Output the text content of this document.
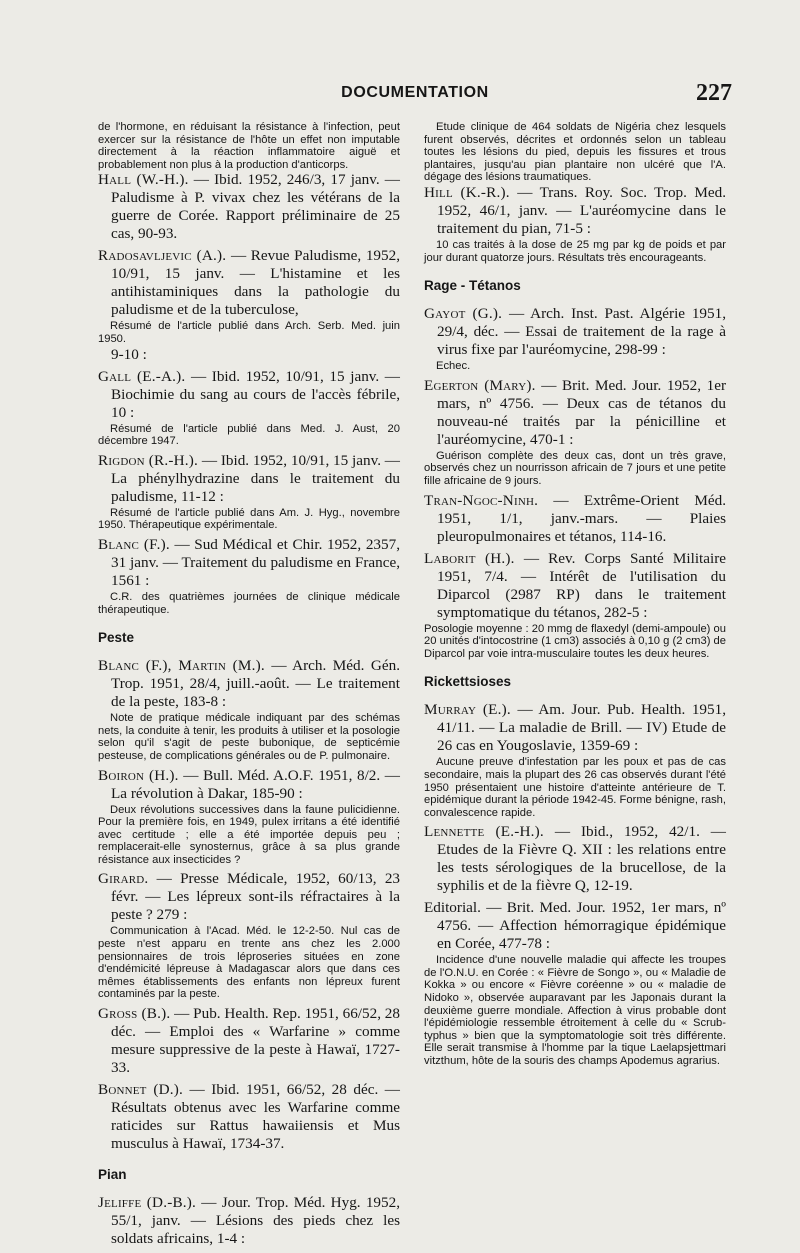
DOCUMENTATION	227
de l'hormone, en réduisant la résistance à l'infection, peut exercer sur la résistance de l'hôte un effet non imputable directement à la réaction inflammatoire aiguë et probablement non plus à la production d'anticorps.
Hall (W.-H.). — Ibid. 1952, 246/3, 17 janv. — Paludisme à P. vivax chez les vétérans de la guerre de Corée. Rapport préliminaire de 25 cas, 90-93.
Radosavljevic (A.). — Revue Paludisme, 1952, 10/91, 15 janv. — L'histamine et les antihistaminiques dans la pathologie du paludisme et de la tuberculose,
Résumé de l'article publié dans Arch. Serb. Med. juin 1950.
9-10 :
Gall (E.-A.). — Ibid. 1952, 10/91, 15 janv. — Biochimie du sang au cours de l'accès fébrile, 10 :
Résumé de l'article publié dans Med. J. Aust, 20 décembre 1947.
Rigdon (R.-H.). — Ibid. 1952, 10/91, 15 janv. — La phénylhydrazine dans le traitement du paludisme, 11-12 :
Résumé de l'article publié dans Am. J. Hyg., novembre 1950. Thérapeutique expérimentale.
Blanc (F.). — Sud Médical et Chir. 1952, 2357, 31 janv. — Traitement du paludisme en France, 1561 :
C.R. des quatrièmes journées de clinique médicale thérapeutique.
Peste
Blanc (F.), Martin (M.). — Arch. Méd. Gén. Trop. 1951, 28/4, juill.-août. — Le traitement de la peste, 183-8 :
Note de pratique médicale indiquant par des schémas nets, la conduite à tenir, les produits à utiliser et la posologie selon qu'il s'agit de peste bubonique, de septicémie pesteuse, de complications générales ou de P. pulmonaire.
Boiron (H.). — Bull. Méd. A.O.F. 1951, 8/2. — La révolution à Dakar, 185-90 :
Deux révolutions successives dans la faune pulicidienne. Pour la première fois, en 1949, pulex irritans a été identifié avec certitude ; elle a été importée depuis peu ; remplacerait-elle synosternus, grâce à sa plus grande résistance aux insecticides ?
Girard. — Presse Médicale, 1952, 60/13, 23 févr. — Les lépreux sont-ils réfractaires à la peste ? 279 :
Communication à l'Acad. Méd. le 12-2-50. Nul cas de peste n'est apparu en trente ans chez les 2.000 pensionnaires de trois léproseries situées en zone d'endémicité lépreuse à Madagascar alors que dans ces mêmes établissements des enfants non lépreux furent contaminés par la peste.
Gross (B.). — Pub. Health. Rep. 1951, 66/52, 28 déc. — Emploi des « Warfarine » comme mesure suppressive de la peste à Hawaï, 1727-33.
Bonnet (D.). — Ibid. 1951, 66/52, 28 déc. — Résultats obtenus avec les Warfarine comme raticides sur Rattus hawaiiensis et Mus musculus à Hawaï, 1734-37.
Pian
Jeliffe (D.-B.). — Jour. Trop. Méd. Hyg. 1952, 55/1, janv. — Lésions des pieds chez les soldats africains, 1-4 :
Etude clinique de 464 soldats de Nigéria chez lesquels furent observés, décrites et ordonnés selon un tableau toutes les lésions du pied, depuis les fissures et trous plantaires, jusqu'au pian plantaire non ulcéré que l'A. dégage des lésions traumatiques.
Hill (K.-R.). — Trans. Roy. Soc. Trop. Med. 1952, 46/1, janv. — L'auréomycine dans le traitement du pian, 71-5 :
10 cas traités à la dose de 25 mg par kg de poids et par jour durant quatorze jours. Résultats très encourageants.
Rage - Tétanos
Gayot (G.). — Arch. Inst. Past. Algérie 1951, 29/4, déc. — Essai de traitement de la rage à virus fixe par l'auréomycine, 298-99 :
Echec.
Egerton (Mary). — Brit. Med. Jour. 1952, 1er mars, nº 4756. — Deux cas de tétanos du nouveau-né traités par la pénicilline et l'auréomycine, 470-1 :
Guérison complète des deux cas, dont un très grave, observés chez un nourrisson africain de 7 jours et une petite fille africaine de 9 jours.
Tran-Ngoc-Ninh. — Extrême-Orient Méd. 1951, 1/1, janv.-mars. — Plaies pleuropulmonaires et tétanos, 114-16.
Laborit (H.). — Rev. Corps Santé Militaire 1951, 7/4. — Intérêt de l'utilisation du Diparcol (2987 RP) dans le traitement symptomatique du tétanos, 282-5 :
Posologie moyenne : 20 mmg de flaxedyl (demi-ampoule) ou 20 unités d'intocostrine (1 cm3) associés à 0,10 g (2 cm3) de Diparcol par voie intra-musculaire toutes les deux heures.
Rickettsioses
Murray (E.). — Am. Jour. Pub. Health. 1951, 41/11. — La maladie de Brill. — IV) Etude de 26 cas en Yougoslavie, 1359-69 :
Aucune preuve d'infestation par les poux et pas de cas secondaire, mais la plupart des 26 cas observés durant l'été 1950 présentaient une histoire d'atteinte antérieure de T. epidémique durant la période 1942-45. Forme bénigne, rash, convalescence rapide.
Lennette (E.-H.). — Ibid., 1952, 42/1. — Etudes de la Fièvre Q. XII : les relations entre les tests sérologiques de la brucellose, de la syphilis et de la fièvre Q, 12-19.
Editorial. — Brit. Med. Jour. 1952, 1er mars, nº 4756. — Affection hémorragique épidémique en Corée, 477-78 :
Incidence d'une nouvelle maladie qui affecte les troupes de l'O.N.U. en Corée : « Fièvre de Songo », ou « Maladie de Kokka » ou encore « Fièvre coréenne » ou « maladie de Nidoko », observée auparavant par les Japonais durant la deuxième guerre mondiale. Affection à virus probable dont l'épidémiologie ressemble étroitement à celle du « Scrub-typhus » bien que la symptomatologie soit très différente. Elle serait transmise à l'homme par la tique Laelapsjettmari vitzthum, hôte de la souris des champs Apodemus agrarius.
